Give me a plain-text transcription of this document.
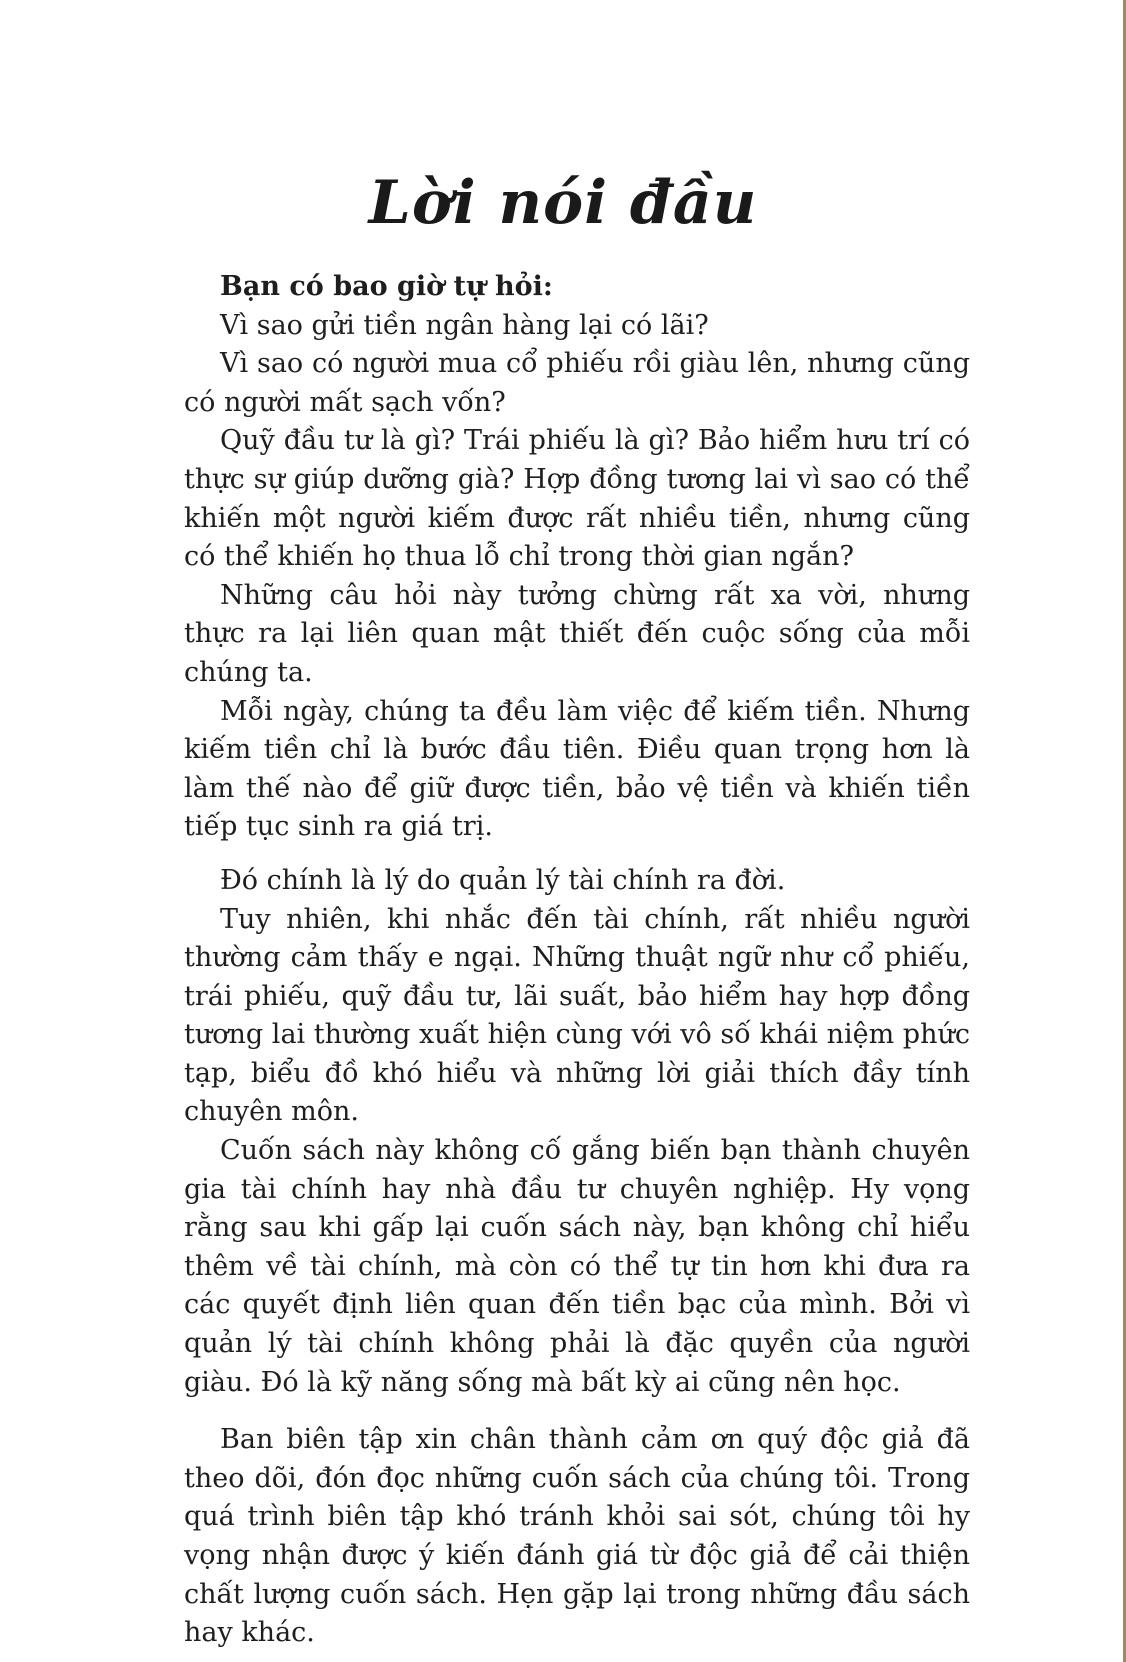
Lời nói đầu

Bạn có bao giờ tự hỏi:

Vì sao gửi tiền ngân hàng lại có lãi?

Vì sao có người mua cổ phiếu rồi giàu lên, nhưng cũng có người mất sạch vốn?

Quỹ đầu tư là gì? Trái phiếu là gì? Bảo hiểm hưu trí có thực sự giúp dưỡng già? Hợp đồng tương lai vì sao có thể khiến một người kiếm được rất nhiều tiền, nhưng cũng có thể khiến họ thua lỗ chỉ trong thời gian ngắn?

Những câu hỏi này tưởng chừng rất xa vời, nhưng thực ra lại liên quan mật thiết đến cuộc sống của mỗi chúng ta.

Mỗi ngày, chúng ta đều làm việc để kiếm tiền. Nhưng kiếm tiền chỉ là bước đầu tiên. Điều quan trọng hơn là làm thế nào để giữ được tiền, bảo vệ tiền và khiến tiền tiếp tục sinh ra giá trị.

Đó chính là lý do quản lý tài chính ra đời.

Tuy nhiên, khi nhắc đến tài chính, rất nhiều người thường cảm thấy e ngại. Những thuật ngữ như cổ phiếu, trái phiếu, quỹ đầu tư, lãi suất, bảo hiểm hay hợp đồng tương lai thường xuất hiện cùng với vô số khái niệm phức tạp, biểu đồ khó hiểu và những lời giải thích đầy tính chuyên môn.

Cuốn sách này không cố gắng biến bạn thành chuyên gia tài chính hay nhà đầu tư chuyên nghiệp. Hy vọng rằng sau khi gấp lại cuốn sách này, bạn không chỉ hiểu thêm về tài chính, mà còn có thể tự tin hơn khi đưa ra các quyết định liên quan đến tiền bạc của mình. Bởi vì quản lý tài chính không phải là đặc quyền của người giàu. Đó là kỹ năng sống mà bất kỳ ai cũng nên học.

Ban biên tập xin chân thành cảm ơn quý độc giả đã theo dõi, đón đọc những cuốn sách của chúng tôi. Trong quá trình biên tập khó tránh khỏi sai sót, chúng tôi hy vọng nhận được ý kiến đánh giá từ độc giả để cải thiện chất lượng cuốn sách. Hẹn gặp lại trong những đầu sách hay khác.
